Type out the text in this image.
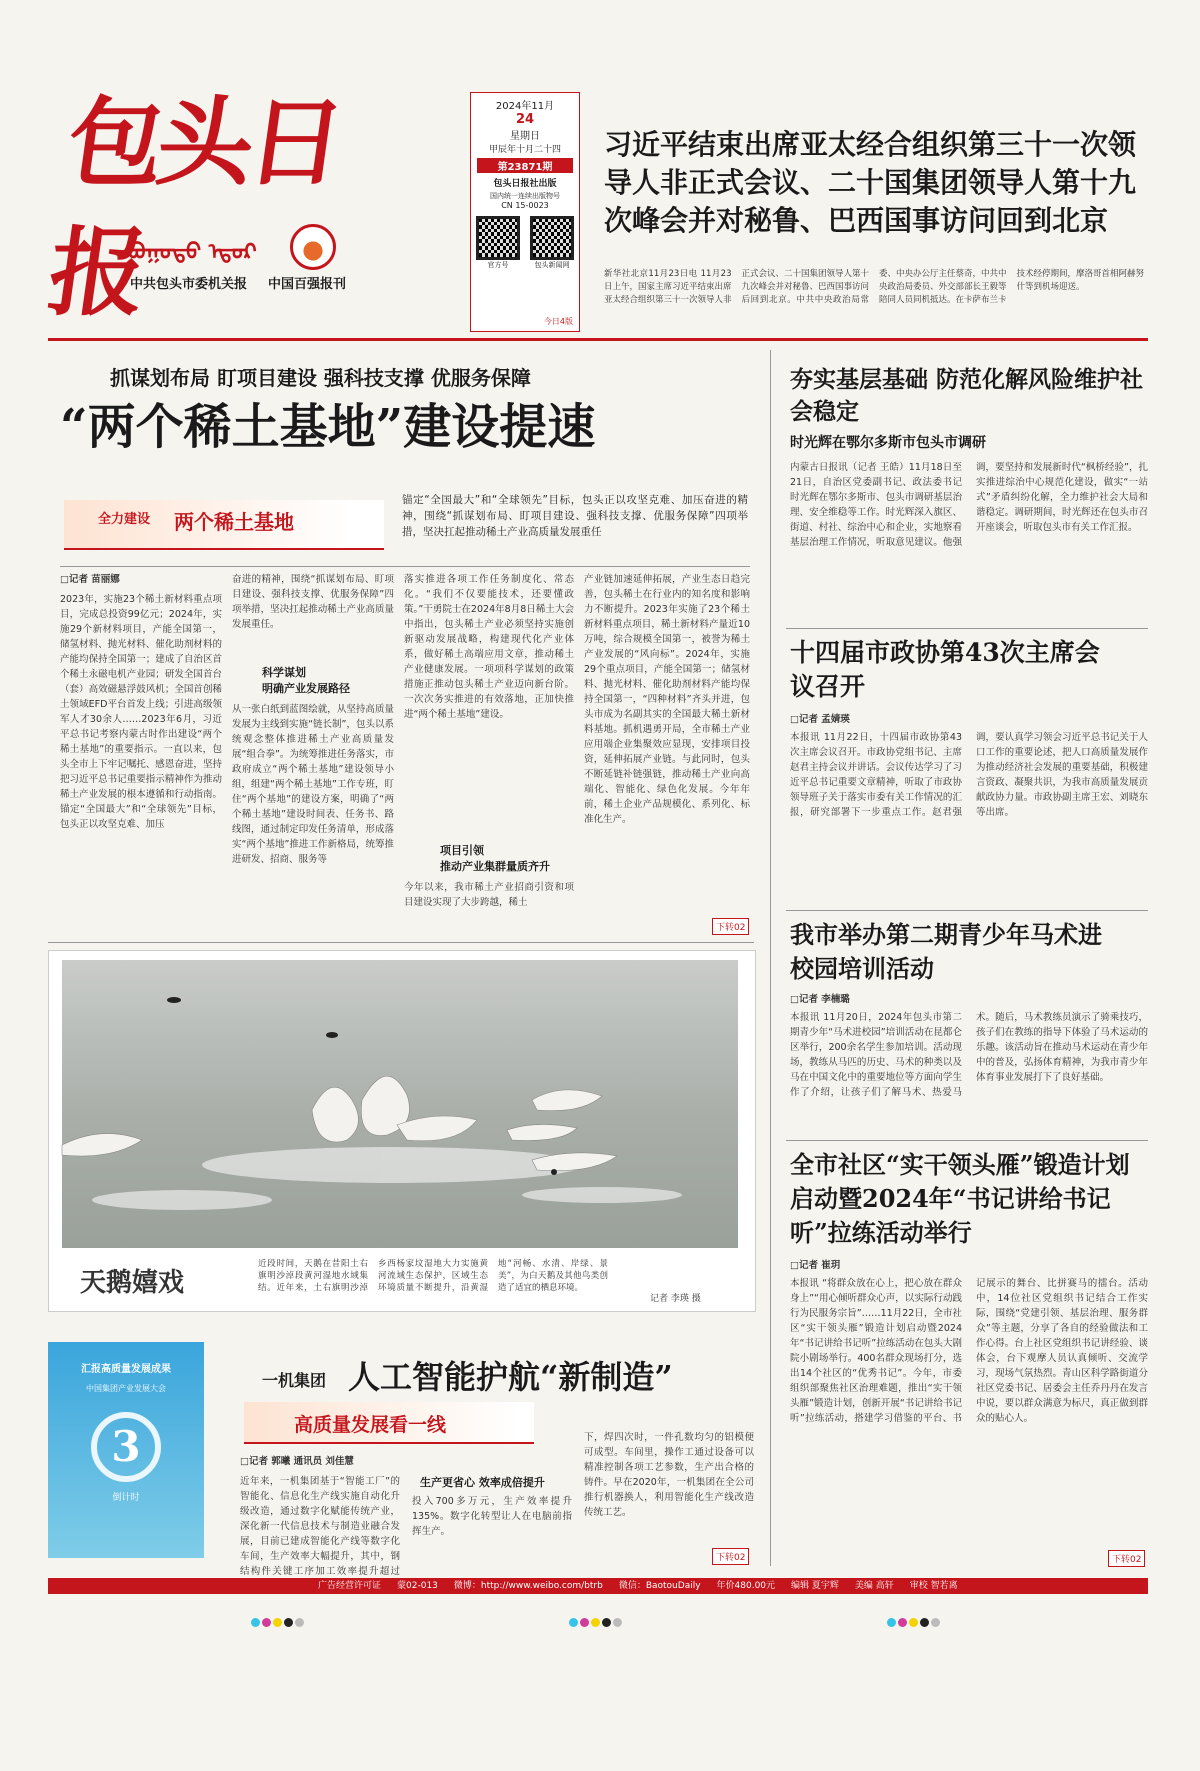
包头日报
ᠪᠣᠭᠣᠲᠣ ᠡᠳᠦᠷ
中共包头市委机关报 中国百强报刊
2024年11月
24
星期日
甲辰年十月二十四
第23871期
包头日报社出版
国内统一连续出版物号
CN 15-0023
官方号	包头新闻网
今日4版
习近平结束出席亚太经合组织第三十一次领导人非正式会议、二十国集团领导人第十九次峰会并对秘鲁、巴西国事访问回到北京
新华社北京11月23日电 11月23日上午，国家主席习近平结束出席亚太经合组织第三十一次领导人非正式会议、二十国集团领导人第十九次峰会并对秘鲁、巴西国事访问后回到北京。中共中央政治局常委、中央办公厅主任蔡奇，中共中央政治局委员、外交部部长王毅等陪同人员同机抵达。在卡萨布兰卡技术经停期间，摩洛哥首相阿赫努什等到机场迎送。
抓谋划布局 盯项目建设 强科技支撑 优服务保障
“两个稀土基地”建设提速
全力建设 两个稀土基地
锚定“全国最大”和“全球领先”目标，包头正以攻坚克难、加压奋进的精神，围绕“抓谋划布局、盯项目建设、强科技支撑、优服务保障”四项举措，坚决扛起推动稀土产业高质量发展重任
□记者 苗丽娜
2023年，实施23个稀土新材料重点项目，完成总投资99亿元；2024年，实施29个新材料项目，产能全国第一，储氢材料、抛光材料、催化助剂材料的产能均保持全国第一；建成了自治区首个稀土永磁电机产业园；研发全国首台（套）高效磁悬浮鼓风机；全国首创稀土领域EFD平台首发上线；引进高级领军人才30余人……2023年6月，习近平总书记考察内蒙古时作出建设“两个稀土基地”的重要指示。一直以来，包头全市上下牢记嘱托、感恩奋进，坚持把习近平总书记重要指示精神作为推动稀土产业发展的根本遵循和行动指南。锚定“全国最大”和“全球领先”目标，包头正以攻坚克难、加压
奋进的精神，围绕“抓谋划布局、盯项目建设、强科技支撑、优服务保障”四项举措，坚决扛起推动稀土产业高质量发展重任。
科学谋划
明确产业发展路径
从一张白纸到蓝图绘就，从坚持高质量发展为主线到实施“链长制”，包头以系统观念整体推进稀土产业高质量发展“组合拳”。为统筹推进任务落实，市政府成立“两个稀土基地”建设领导小组，组建“两个稀土基地”工作专班，盯住“两个基地”的建设方案，明确了“两个稀土基地”建设时间表、任务书、路线图，通过制定印发任务清单，形成落实“两个基地”推进工作新格局，统筹推进研发、招商、服务等
落实推进各项工作任务制度化、常态化。“我们不仅要能技术，还要懂政策。”干勇院士在2024年8月8日稀土大会中指出，包头稀土产业必须坚持实施创新驱动发展战略，构建现代化产业体系，做好稀土高端应用文章，推动稀土产业健康发展。一项项科学谋划的政策措施正推动包头稀土产业迈向新台阶。一次次务实推进的有效落地，正加快推进“两个稀土基地”建设。
项目引领
推动产业集群量质齐升
今年以来，我市稀土产业招商引资和项目建设实现了大步跨越，稀土
产业链加速延伸拓展，产业生态日趋完善，包头稀土在行业内的知名度和影响力不断提升。2023年实施了23个稀土新材料重点项目，稀土新材料产量近10万吨，综合规模全国第一，被誉为稀土产业发展的“风向标”。2024年，实施29个重点项目，产能全国第一；储氢材料、抛光材料、催化助剂材料产能均保持全国第一，“四种材料”齐头并进，包头市成为名副其实的全国最大稀土新材料基地。抓机遇勇开局，全市稀土产业应用端企业集聚效应显现，安排项目投资，延伸拓展产业链。与此同时，包头不断延链补链强链，推动稀土产业向高端化、智能化、绿色化发展。今年年前，稀土企业产品规模化、系列化、标准化生产。
下转02
天鹅嬉戏
近段时间，天鹅在昔阳土右旗明沙淖段黄河湿地水域集结。近年来，土右旗明沙淖乡西杨家坟湿地大力实施黄河流域生态保护，区域生态环境质量不断提升，沿黄湿地“河畅、水清、岸绿、景美”，为白天鹅及其他鸟类创造了适宜的栖息环境。
记者 李瑛 摄
汇报高质量发展成果
中国集团产业发展大会
3
倒计时
一机集团 人工智能护航“新制造”
高质量发展看一线
□记者 郭曦 通讯员 刘佳慧
近年来，一机集团基于“智能工厂”的智能化、信息化生产线实施自动化升级改造，通过数字化赋能传统产业，深化新一代信息技术与制造业融合发展，目前已建成智能化产线等数字化车间，生产效率大幅提升，其中，钢结构件关键工序加工效率提升超过
生产更省心 效率成倍提升
投入700多万元，生产效率提升135%。数字化转型让人在电脑前指挥生产。
下，焊四次时，一件孔数均匀的铝模便可成型。车间里，操作工通过设备可以精准控制各项工艺参数，生产出合格的铸件。早在2020年，一机集团在全公司推行机器换人，利用智能化生产线改造传统工艺。
下转02
夯实基层基础 防范化解风险维护社会稳定
时光辉在鄂尔多斯市包头市调研
内蒙古日报讯（记者 王皓）11月18日至21日，自治区党委副书记、政法委书记时光辉在鄂尔多斯市、包头市调研基层治理、安全维稳等工作。时光辉深入旗区、街道、村社、综治中心和企业，实地察看基层治理工作情况，听取意见建议。他强调，要坚持和发展新时代“枫桥经验”，扎实推进综治中心规范化建设，做实“一站式”矛盾纠纷化解，全力维护社会大局和谐稳定。调研期间，时光辉还在包头市召开座谈会，听取包头市有关工作汇报。
十四届市政协第43次主席会议召开
□记者 孟婧瑛
本报讯 11月22日，十四届市政协第43次主席会议召开。市政协党组书记、主席赵君主持会议并讲话。会议传达学习了习近平总书记重要文章精神，听取了市政协领导班子关于落实市委有关工作情况的汇报，研究部署下一步重点工作。赵君强调，要认真学习领会习近平总书记关于人口工作的重要论述，把人口高质量发展作为推动经济社会发展的重要基础，积极建言资政、凝聚共识，为我市高质量发展贡献政协力量。市政协副主席王宏、刘晓东等出席。
我市举办第二期青少年马术进校园培训活动
□记者 李楠璐
本报讯 11月20日，2024年包头市第二期青少年“马术进校园”培训活动在昆都仑区举行，200余名学生参加培训。活动现场，教练从马匹的历史、马术的种类以及马在中国文化中的重要地位等方面向学生作了介绍，让孩子们了解马术、热爱马术。随后，马术教练员演示了骑乘技巧，孩子们在教练的指导下体验了马术运动的乐趣。该活动旨在推动马术运动在青少年中的普及，弘扬体育精神，为我市青少年体育事业发展打下了良好基础。
全市社区“实干领头雁”锻造计划启动暨2024年“书记讲给书记听”拉练活动举行
□记者 崔玥
本报讯 “将群众放在心上，把心放在群众身上”“用心倾听群众心声，以实际行动践行为民服务宗旨”……11月22日，全市社区“实干领头雁”锻造计划启动暨2024年“书记讲给书记听”拉练活动在包头大剧院小剧场举行。400名群众现场打分，选出14个社区的“优秀书记”。今年，市委组织部聚焦社区治理难题，推出“实干领头雁”锻造计划，创新开展“书记讲给书记听”拉练活动，搭建学习借鉴的平台、书记展示的舞台、比拼赛马的擂台。活动中，14位社区党组织书记结合工作实际，围绕“党建引领、基层治理、服务群众”等主题，分享了各自的经验做法和工作心得。台上社区党组织书记讲经验、谈体会，台下观摩人员认真倾听、交流学习，现场气氛热烈。青山区科学路街道分社区党委书记、居委会主任乔丹丹在发言中说，要以群众满意为标尺，真正做到群众的贴心人。
下转02
广告经营许可证 蒙02-013 微博：http://www.weibo.com/btrb 微信：BaotouDaily 年价480.00元 编辑 夏宇辉 美编 高轩 审校 智若离
